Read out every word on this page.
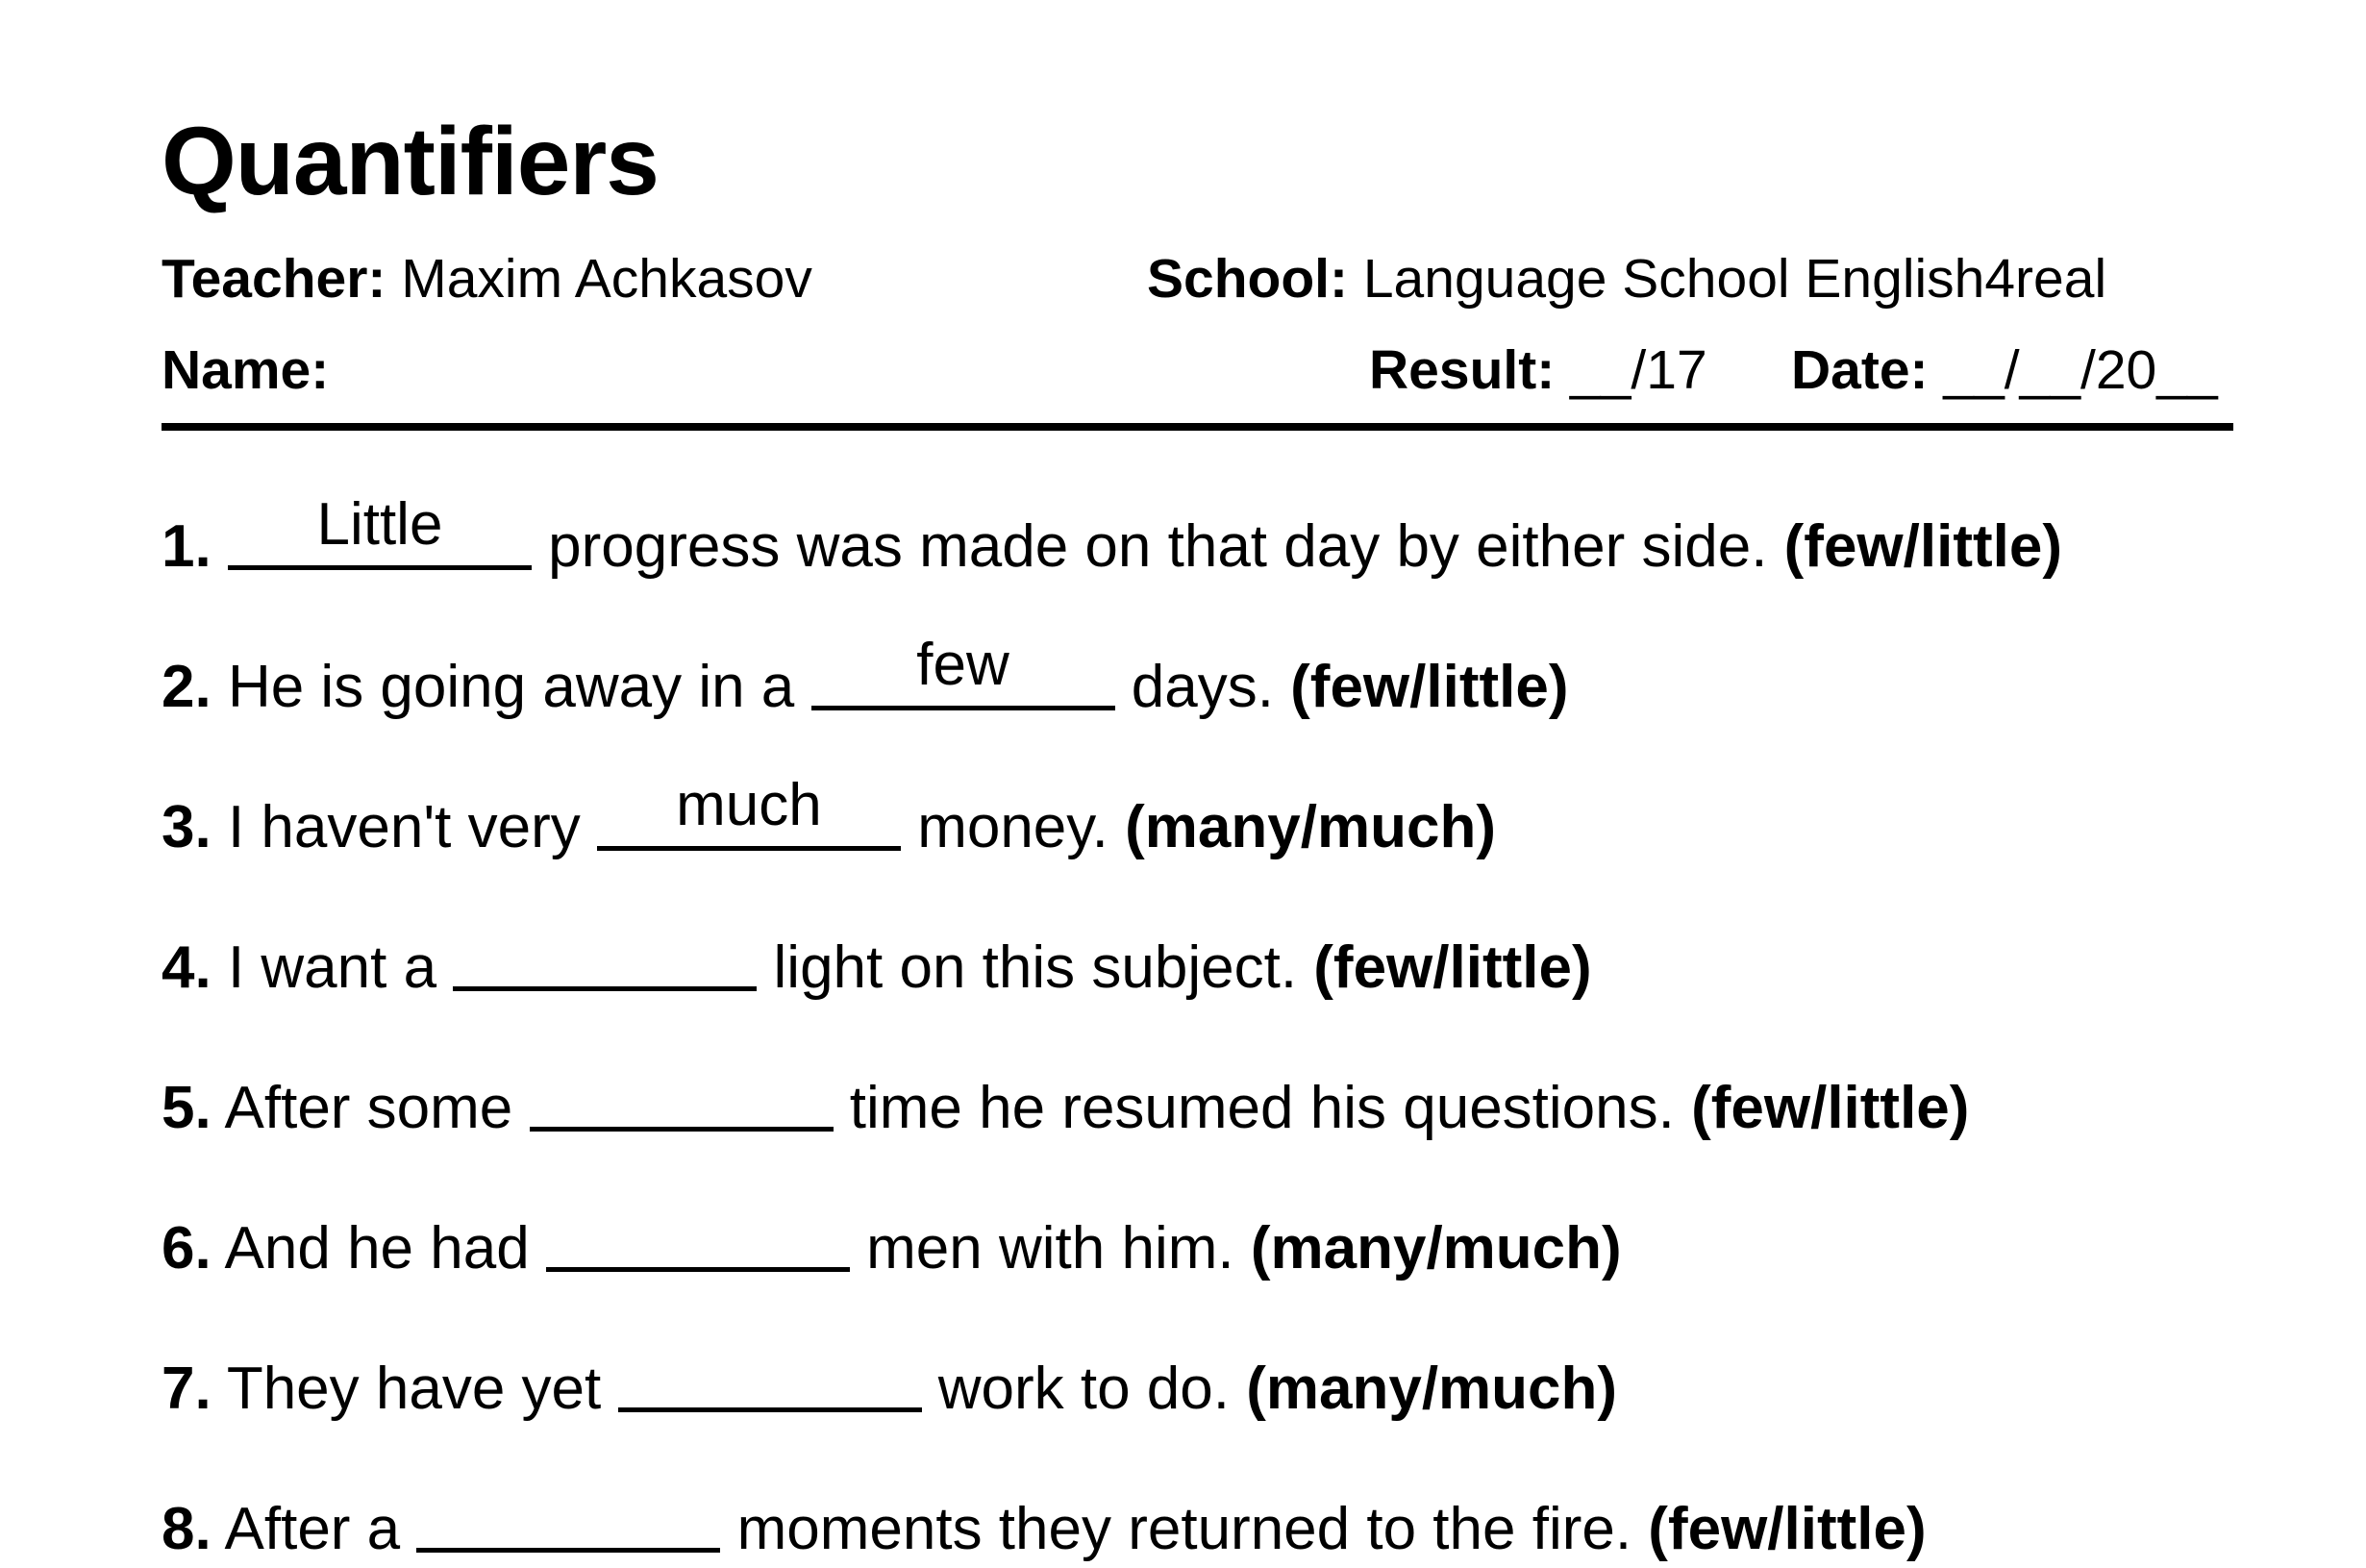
Quantifiers
Teacher: Maxim Achkasov	School: Language School English4real
Name:	Result: __/17 Date: __/__/20__
1.	Little	progress was made on that day by either side. (few/little)
2. He is going away in a	few	days. (few/little)
3. I haven't very	much	money. (many/much)
4. I want a	light on this subject. (few/little)
5. After some	time he resumed his questions. (few/little)
6. And he had	men with him. (many/much)
7. They have yet	work to do. (many/much)
8. After a	moments they returned to the fire. (few/little)
